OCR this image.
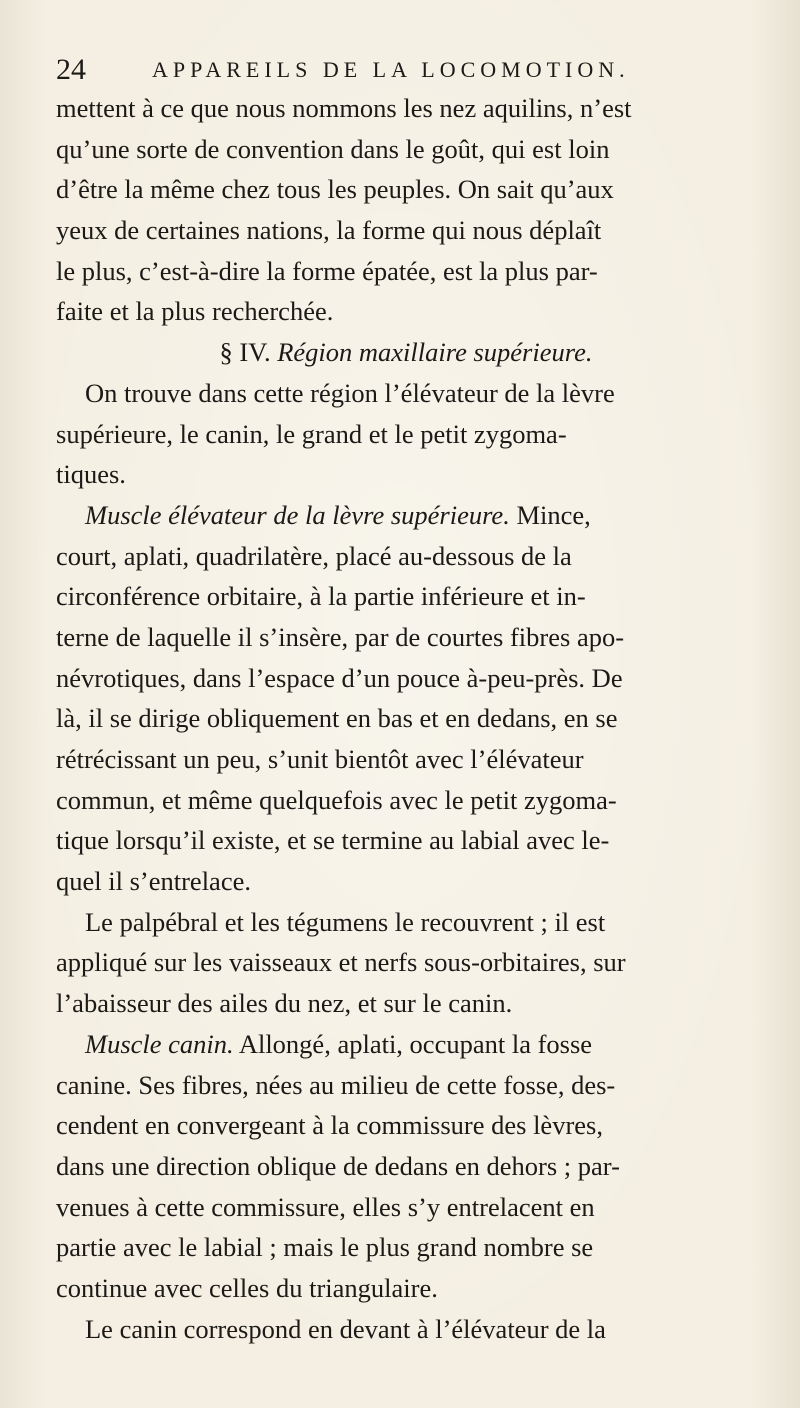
24	APPAREILS DE LA LOCOMOTION.
mettent à ce que nous nommons les nez aquilins, n’est
qu’une sorte de convention dans le goût, qui est loin
d’être la même chez tous les peuples. On sait qu’aux
yeux de certaines nations, la forme qui nous déplaît
le plus, c’est-à-dire la forme épatée, est la plus par-
faite et la plus recherchée.
§ IV. Région maxillaire supérieure.
On trouve dans cette région l’élévateur de la lèvre
supérieure, le canin, le grand et le petit zygoma-
tiques.
Muscle élévateur de la lèvre supérieure. Mince,
court, aplati, quadrilatère, placé au-dessous de la
circonférence orbitaire, à la partie inférieure et in-
terne de laquelle il s’insère, par de courtes fibres apo-
névrotiques, dans l’espace d’un pouce à-peu-près. De
là, il se dirige obliquement en bas et en dedans, en se
rétrécissant un peu, s’unit bientôt avec l’élévateur
commun, et même quelquefois avec le petit zygoma-
tique lorsqu’il existe, et se termine au labial avec le-
quel il s’entrelace.
Le palpébral et les tégumens le recouvrent ; il est
appliqué sur les vaisseaux et nerfs sous-orbitaires, sur
l’abaisseur des ailes du nez, et sur le canin.
Muscle canin. Allongé, aplati, occupant la fosse
canine. Ses fibres, nées au milieu de cette fosse, des-
cendent en convergeant à la commissure des lèvres,
dans une direction oblique de dedans en dehors ; par-
venues à cette commissure, elles s’y entrelacent en
partie avec le labial ; mais le plus grand nombre se
continue avec celles du triangulaire.
Le canin correspond en devant à l’élévateur de la
